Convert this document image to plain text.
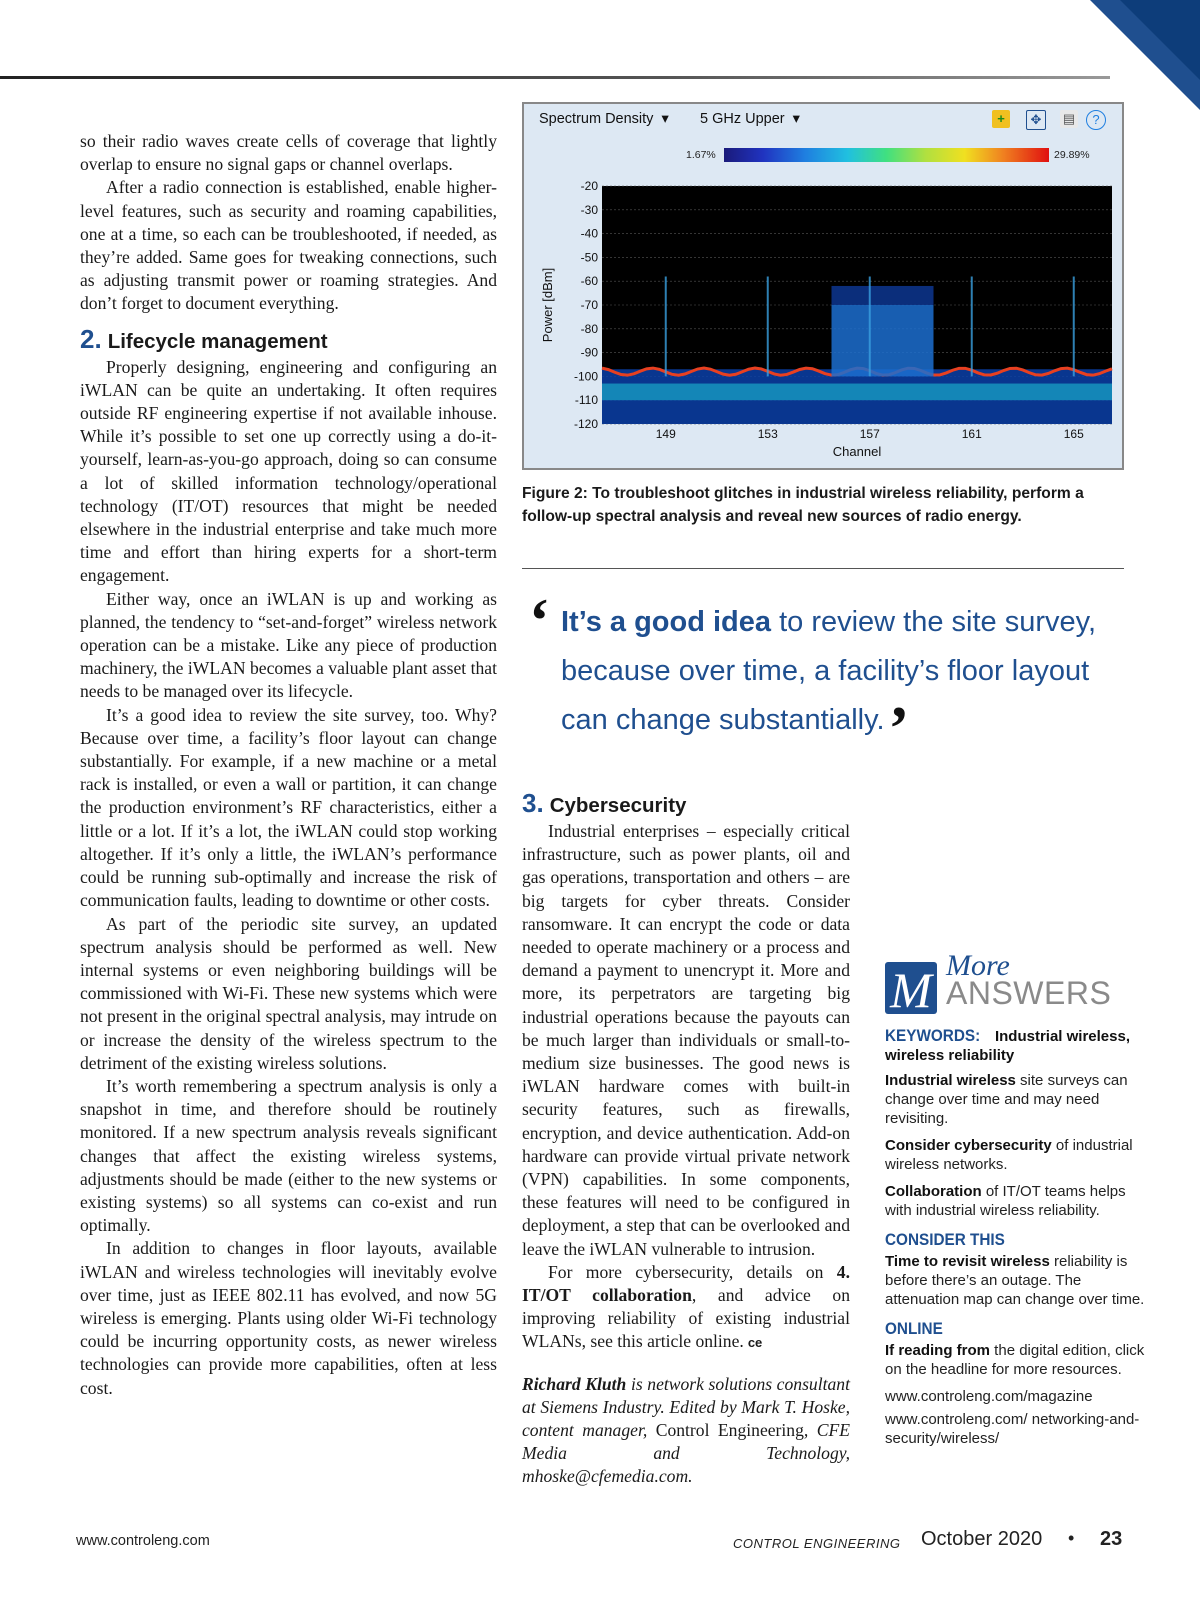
so their radio waves create cells of coverage that lightly overlap to ensure no signal gaps or channel overlaps.

After a radio connection is established, enable higher-level features, such as security and roaming capabilities, one at a time, so each can be troubleshooted, if needed, as they’re added. Same goes for tweaking connections, such as adjusting transmit power or roaming strategies. And don’t forget to document everything.

2. Lifecycle management

Properly designing, engineering and configuring an iWLAN can be quite an undertaking. It often requires outside RF engineering expertise if not available inhouse. While it’s possible to set one up correctly using a do-it-yourself, learn-as-you-go approach, doing so can consume a lot of skilled information technology/operational technology (IT/OT) resources that might be needed elsewhere in the industrial enterprise and take much more time and effort than hiring experts for a short-term engagement.

Either way, once an iWLAN is up and working as planned, the tendency to “set-and-forget” wireless network operation can be a mistake. Like any piece of production machinery, the iWLAN becomes a valuable plant asset that needs to be managed over its lifecycle.

It’s a good idea to review the site survey, too. Why? Because over time, a facility’s floor layout can change substantially. For example, if a new machine or a metal rack is installed, or even a wall or partition, it can change the production environment’s RF characteristics, either a little or a lot. If it’s a lot, the iWLAN could stop working altogether. If it’s only a little, the iWLAN’s performance could be running sub-optimally and increase the risk of communication faults, leading to downtime or other costs.

As part of the periodic site survey, an updated spectrum analysis should be performed as well. New internal systems or even neighboring buildings will be commissioned with Wi-Fi. These new systems which were not present in the original spectral analysis, may intrude on or increase the density of the wireless spectrum to the detriment of the existing wireless solutions.

It’s worth remembering a spectrum analysis is only a snapshot in time, and therefore should be routinely monitored. If a new spectrum analysis reveals significant changes that affect the existing wireless systems, adjustments should be made (either to the new systems or existing systems) so all systems can co-exist and run optimally.

In addition to changes in floor layouts, available iWLAN and wireless technologies will inevitably evolve over time, just as IEEE 802.11 has evolved, and now 5G wireless is emerging. Plants using older Wi-Fi technology could be incurring opportunity costs, as newer wireless technologies can provide more capabilities, often at less cost.

Spectrum Density  ▾ 5 GHz Upper  ▾	+	✥	▤	?
1.67%	29.89%
-20
-30
-40
-50
-60
-70
-80
-90
-100
-110
-120
149	153	157	161	165
Channel
Power [dBm]
Figure 2: To troubleshoot glitches in industrial wireless reliability, perform a follow-up spectral analysis and reveal new sources of radio energy.
‘ It’s a good idea to review the site survey, because over time, a facility’s floor layout can change substantially.’
3. Cybersecurity

Industrial enterprises – especially critical infrastructure, such as power plants, oil and gas operations, transportation and others – are big targets for cyber threats. Consider ransomware. It can encrypt the code or data needed to operate machinery or a process and demand a payment to unencrypt it. More and more, its perpetrators are targeting big industrial operations because the payouts can be much larger than individuals or small-to-medium size businesses. The good news is iWLAN hardware comes with built-in security features, such as firewalls, encryption, and device authentication. Add-on hardware can provide virtual private network (VPN) capabilities. In some components, these features will need to be configured in deployment, a step that can be overlooked and leave the iWLAN vulnerable to intrusion.

For more cybersecurity, details on 4. IT/OT collaboration, and advice on improving reliability of existing industrial WLANs, see this article online. ce

Richard Kluth is network solutions consultant at Siemens Industry. Edited by Mark T. Hoske, content manager, Control Engineering, CFE Media and Technology, mhoske@cfemedia.com.

M More
ANSWERS
KEYWORDS: Industrial wireless, wireless reliability
Industrial wireless site surveys can change over time and may need revisiting.
Consider cybersecurity of industrial wireless networks.
Collaboration of IT/OT teams helps with industrial wireless reliability.
CONSIDER THIS
Time to revisit wireless reliability is before there’s an outage. The attenuation map can change over time.
ONLINE
If reading from the digital edition, click on the headline for more resources.
www.controleng.com/magazine
www.controleng.com/ networking-and-security/wireless/
www.controleng.com	CONTROL ENGINEERING October 2020 • 23
